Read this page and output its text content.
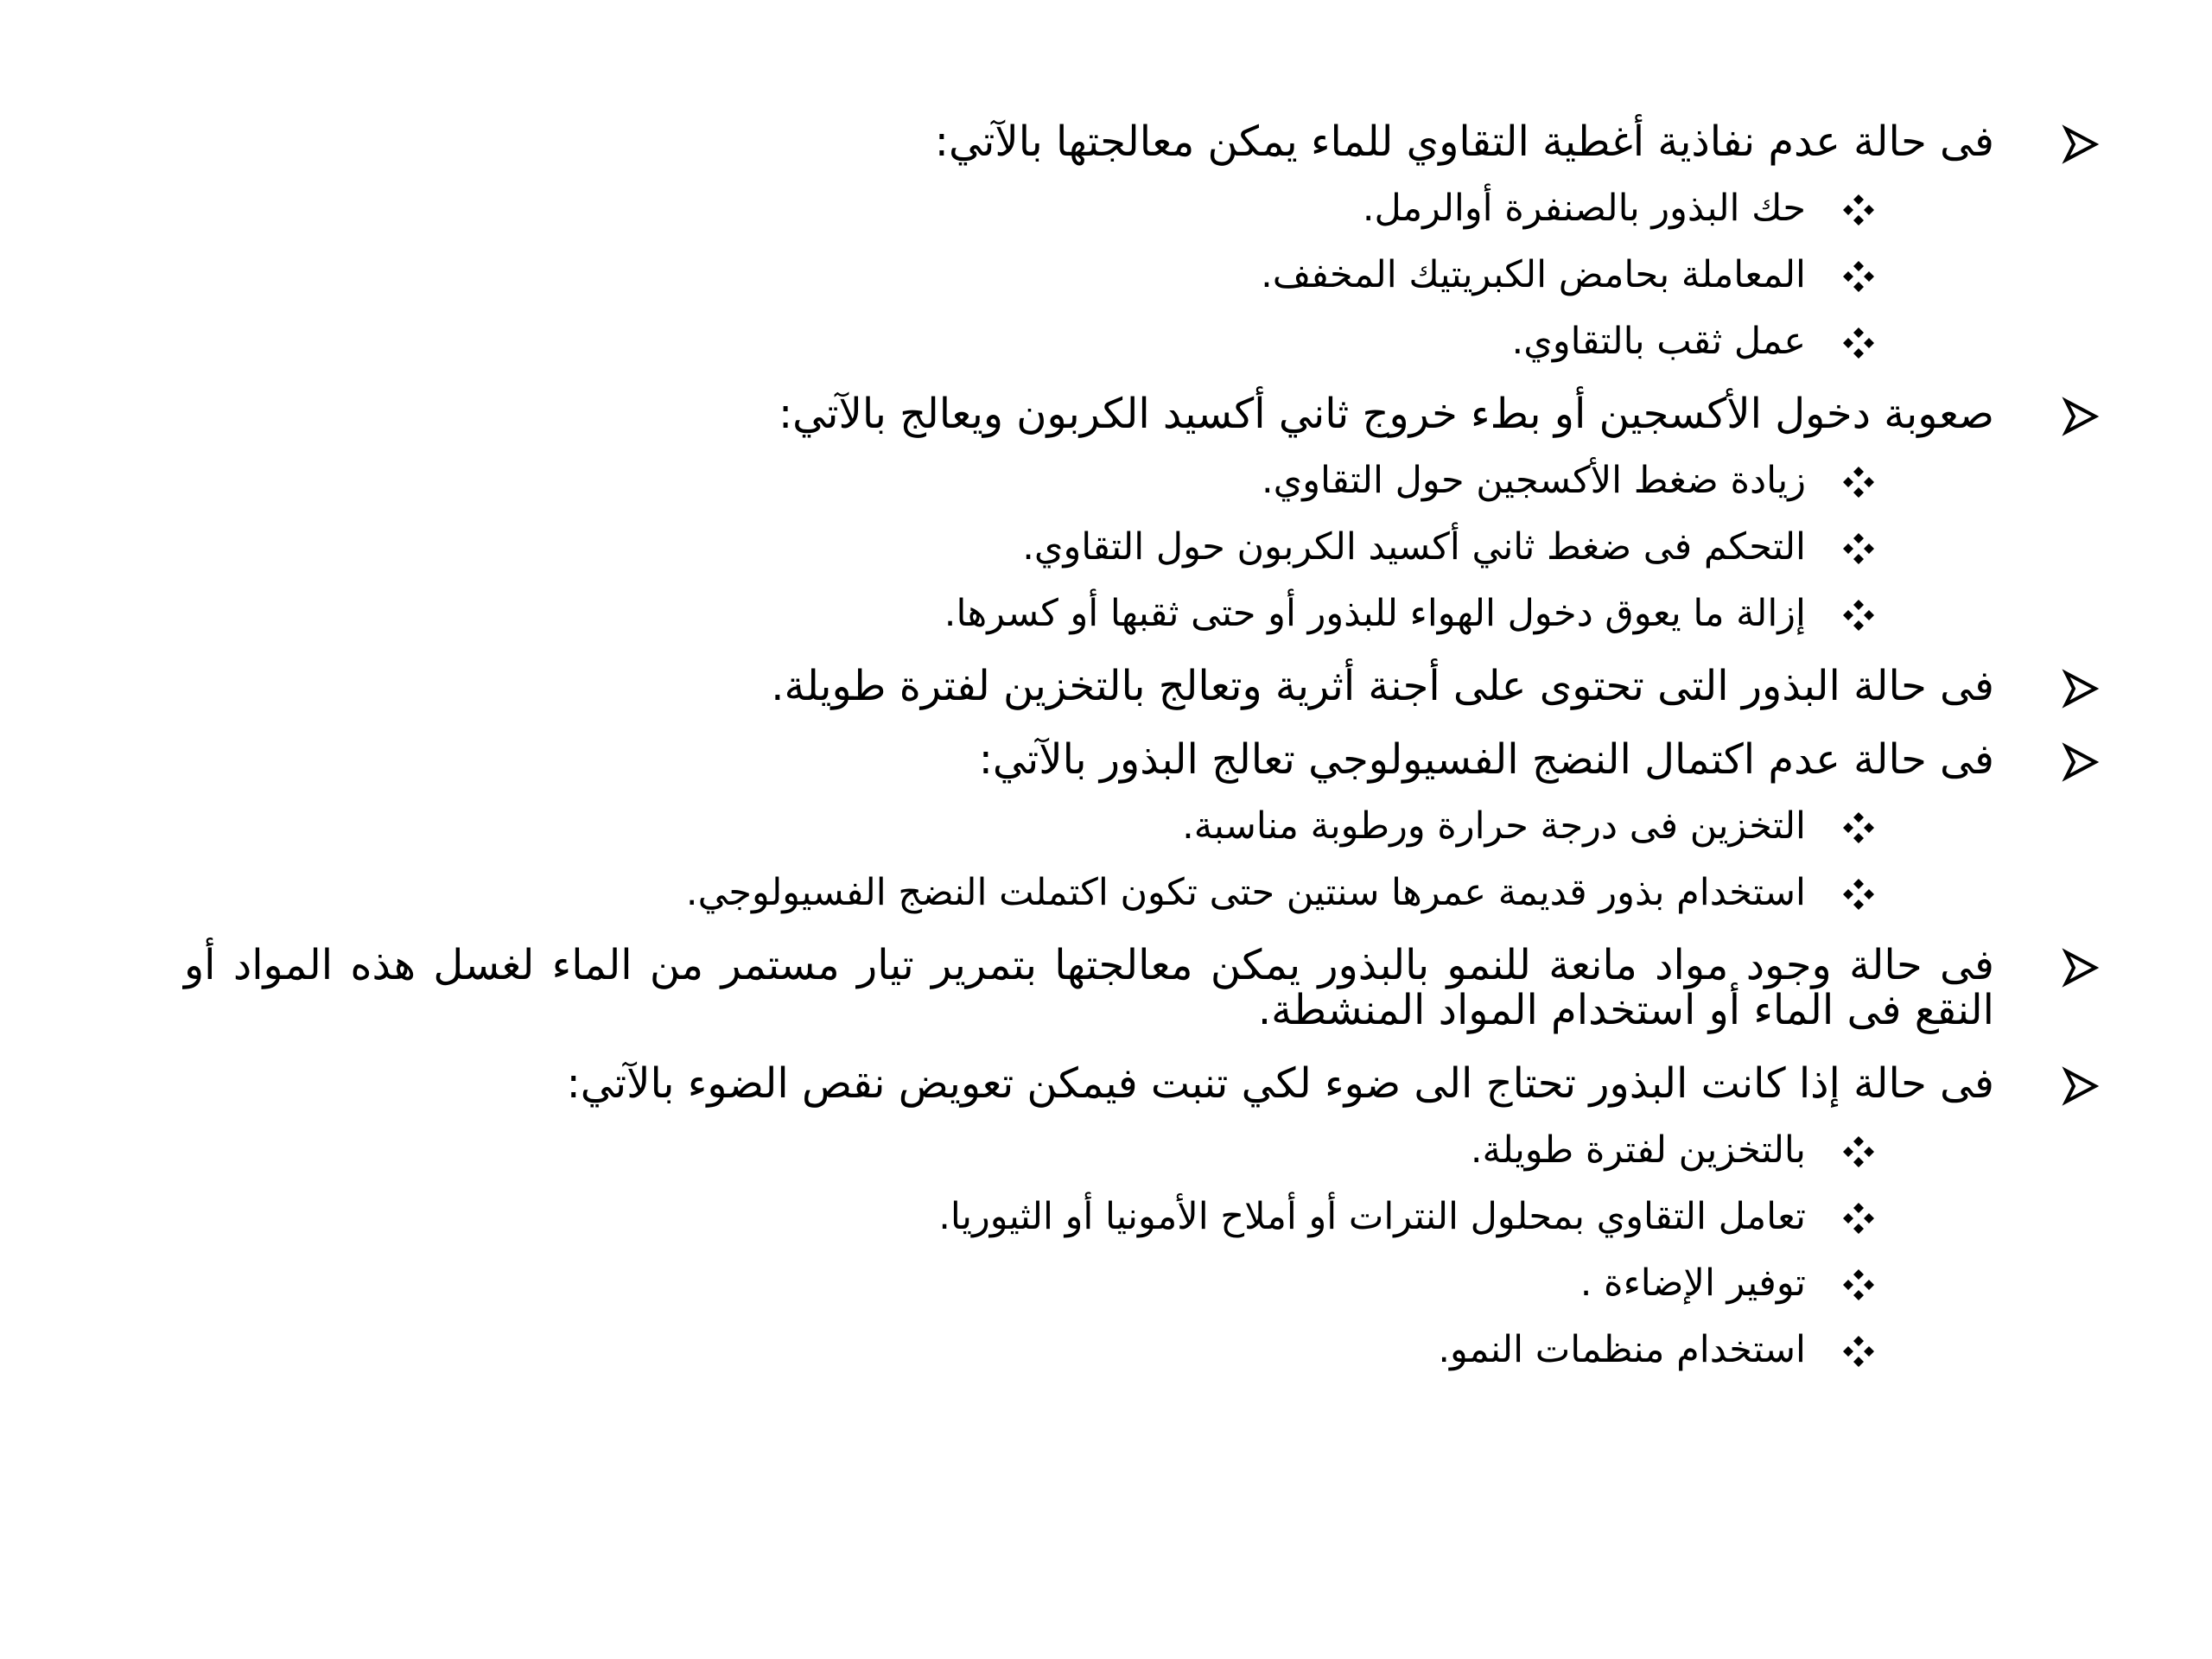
فى حالة عدم نفاذية أغطية التقاوي للماء يمكن معالجتها بالآتي:
حك البذور بالصنفرة أوالرمل.
المعاملة بحامض الكبريتيك المخفف.
عمل ثقب بالتقاوي.
صعوبة دخول الأكسجين أو بطء خروج ثاني أكسيد الكربون ويعالج بالآتي:
زيادة ضغط الأكسجين حول التقاوي.
التحكم فى ضغط ثاني أكسيد الكربون حول التقاوي.
إزالة ما يعوق دخول الهواء للبذور أو حتى ثقبها أو كسرها.
فى حالة البذور التى تحتوى على أجنة أثرية وتعالج بالتخزين لفترة طويلة.
فى حالة عدم اكتمال النضج الفسيولوجي تعالج البذور بالآتي:
التخزين فى درجة حرارة ورطوبة مناسبة.
استخدام بذور قديمة عمرها سنتين حتى تكون اكتملت النضج الفسيولوجي.
فى حالة وجود مواد مانعة للنمو بالبذور يمكن معالجتها بتمرير تيار مستمر من الماء لغسل هذه المواد أو النقع فى الماء أو استخدام المواد المنشطة.
فى حالة إذا كانت البذور تحتاج الى ضوء لكي تنبت فيمكن تعويض نقص الضوء بالآتي:
بالتخزين لفترة طويلة.
تعامل التقاوي بمحلول النترات أو أملاح الأمونيا أو الثيوريا.
توفير الإضاءة .
استخدام منظمات النمو.
